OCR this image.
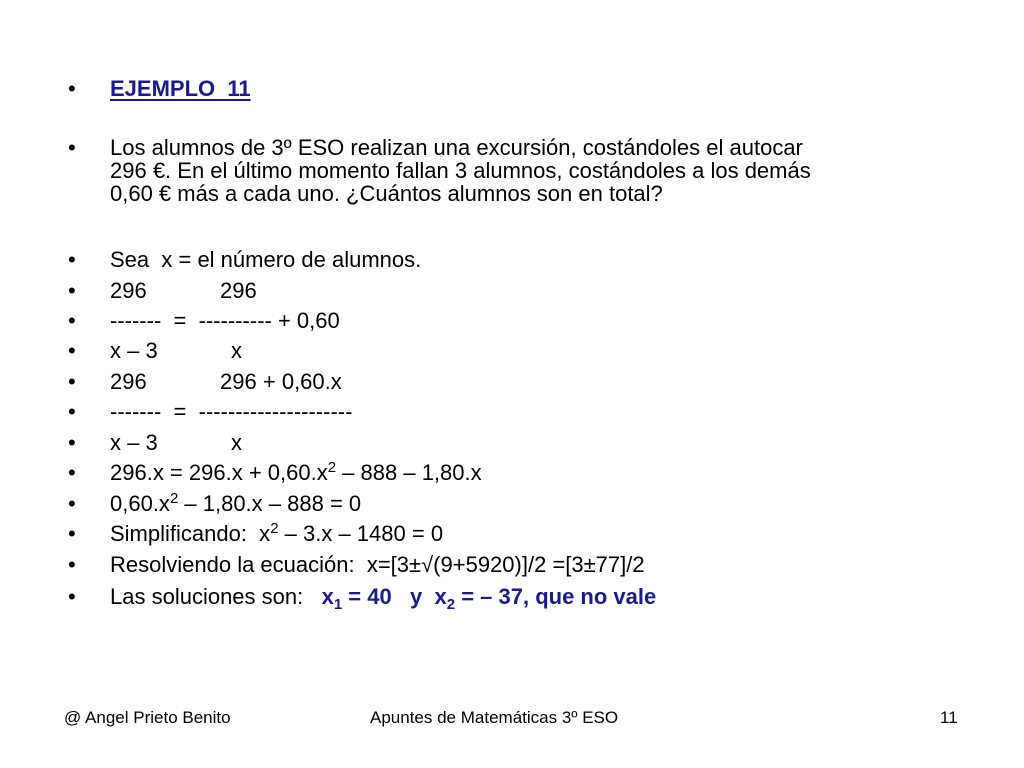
•

	EJEMPLO  11

•

	Los alumnos de 3º ESO realizan una excursión, costándoles el autocar
296 €. En el último momento fallan 3 alumnos, costándoles a los demás
0,60 € más a cada uno. ¿Cuántos alumnos son en total?

•

	Sea  x = el número de alumnos.

•

	296            296

•

	-------  =  ---------- + 0,60

•

	x – 3            x

•

	296            296 + 0,60.x

•

	-------  =  ---------------------

•

	x – 3            x

•

	$296.x = 296.x + 0,60.x^2 - 888 - 1,80.x$

•

	$0,60.x^2 - 1,80.x - 888 = 0$

•

	Simplificando:  $x^2 - 3.x - 1480 = 0$

•

	Resolviendo la ecuación:  x=[3±√(9+5920)]/2 =[3±77]/2

•

	Las soluciones son:   $x_1 = 40$   y  $x_2$ = – 37, que no vale

@ Angel Prieto Benito	Apuntes de Matemáticas 3º ESO	11
